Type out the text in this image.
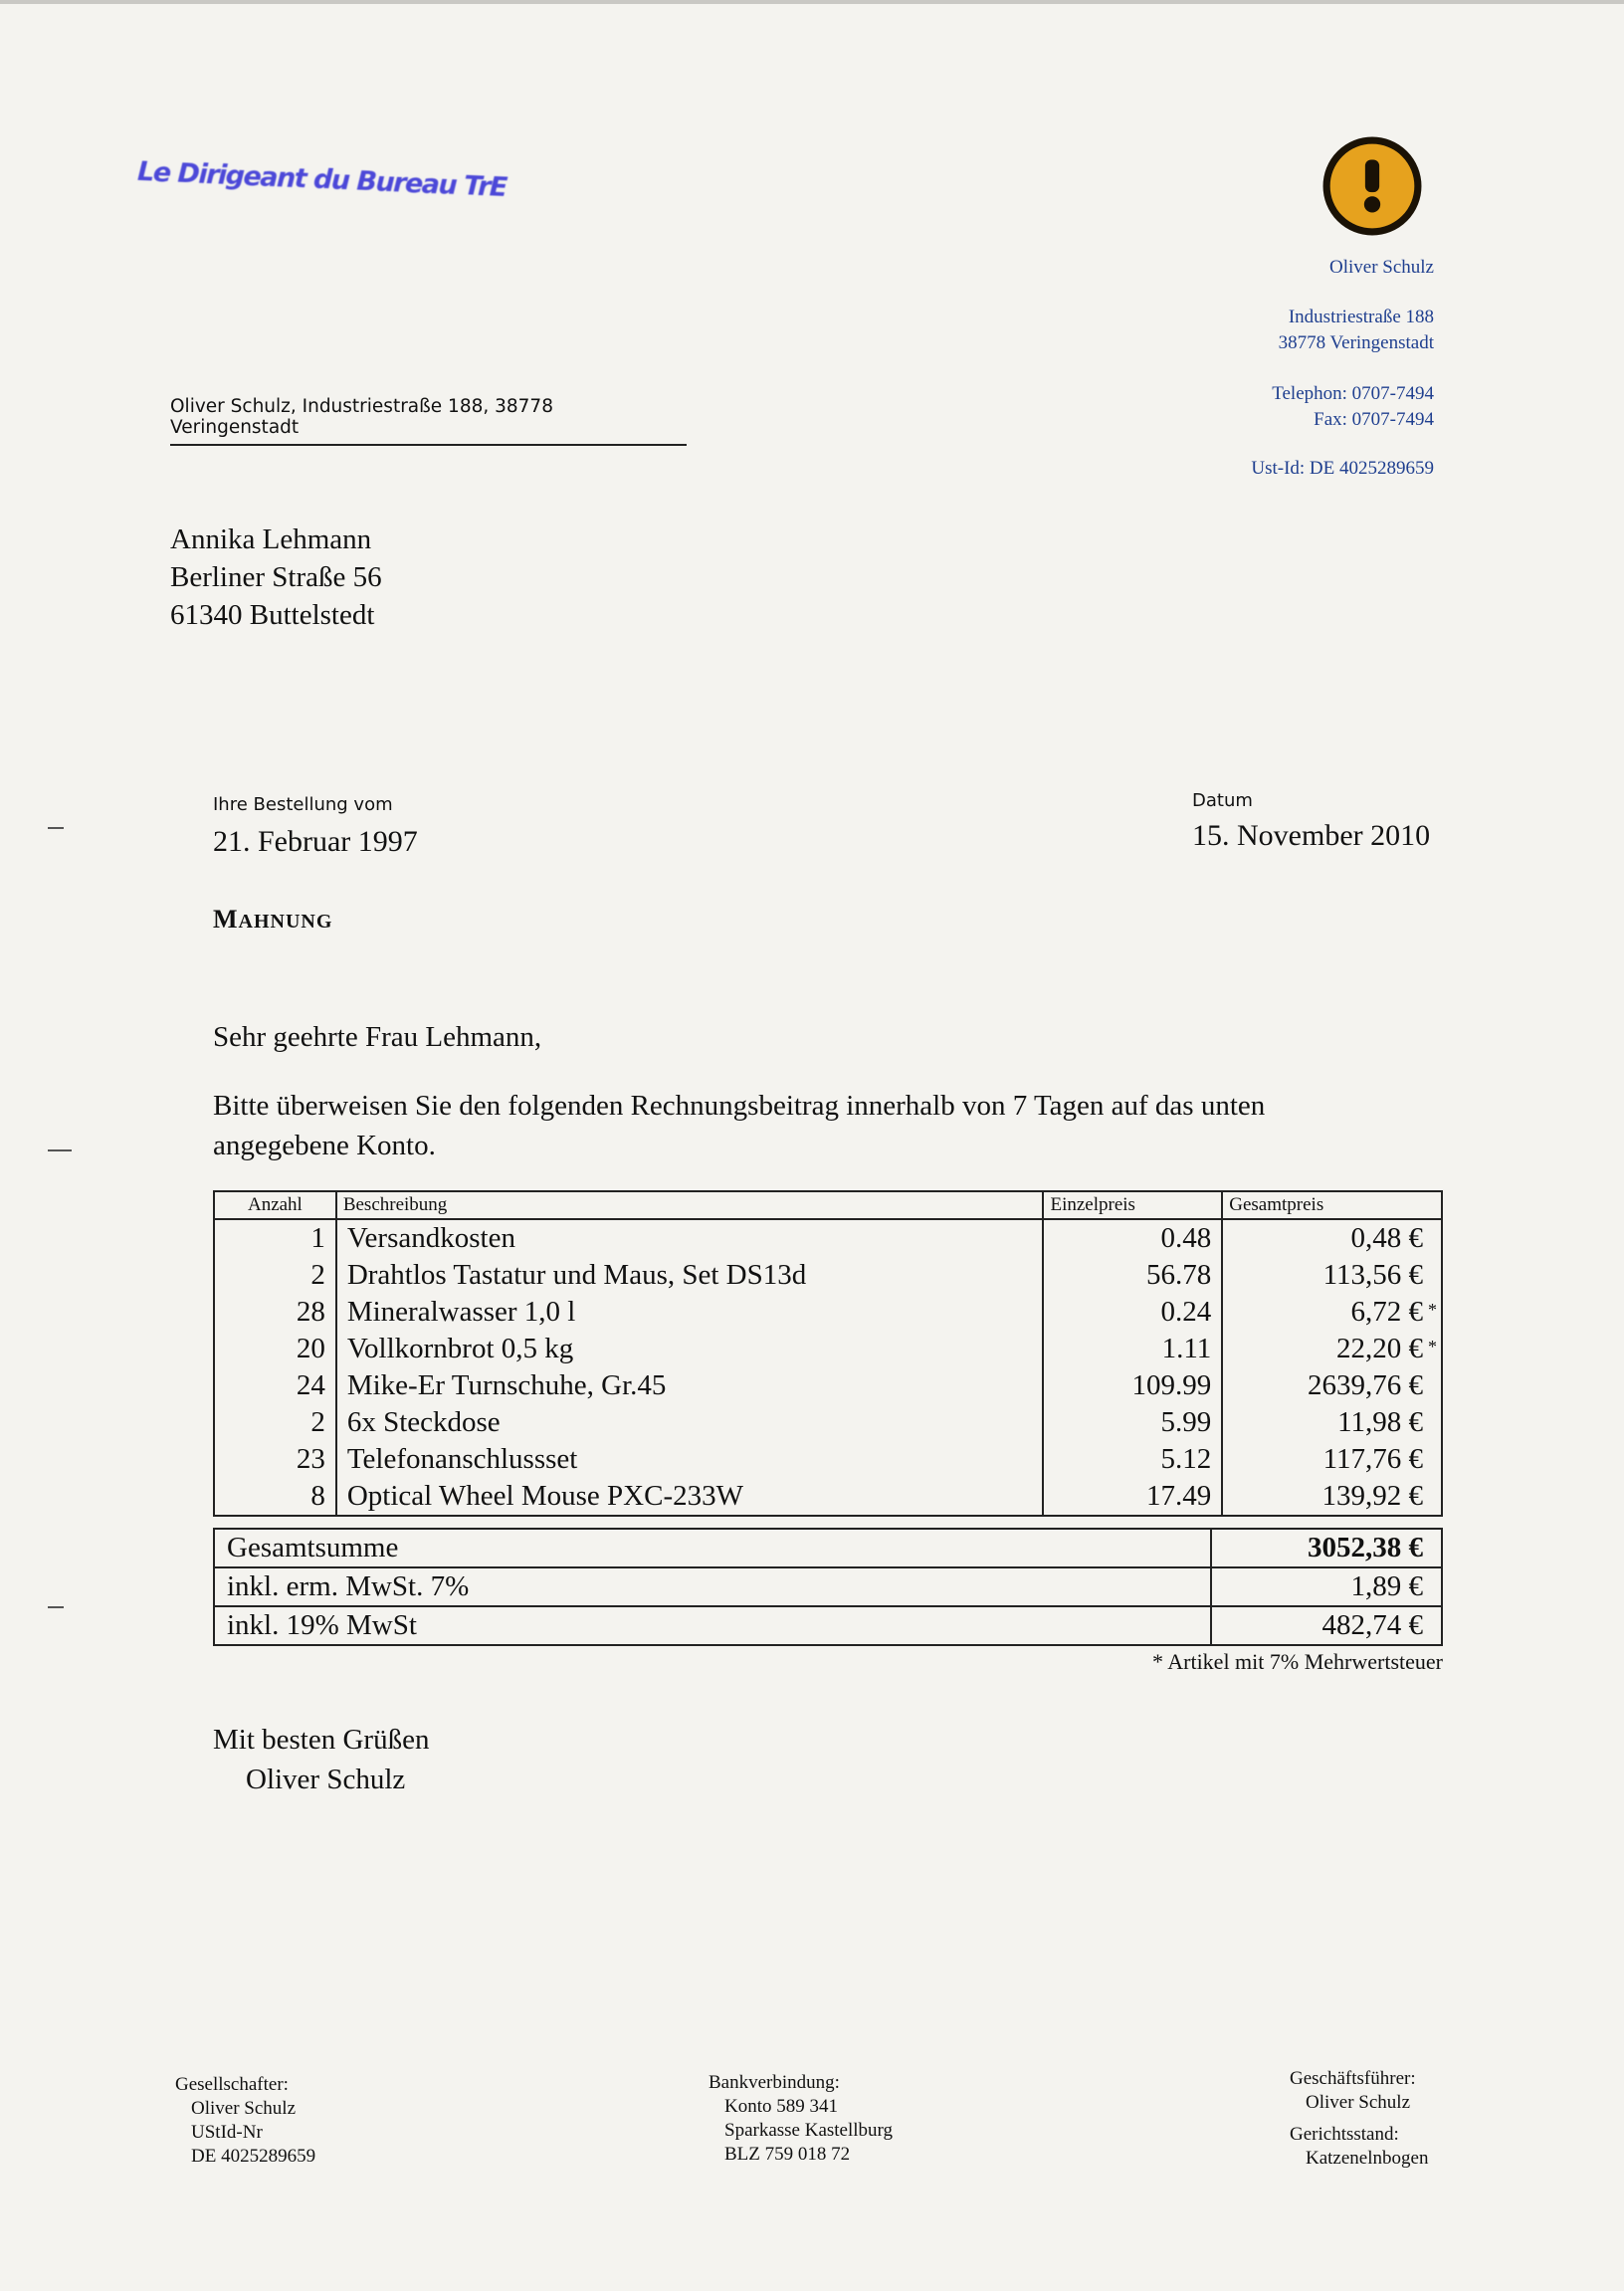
Le Dirigeant du Bureau TrE
Oliver Schulz
Industriestraße 188
38778 Veringenstadt
Telephon: 0707-7494
Fax: 0707-7494
Ust-Id: DE 4025289659
Oliver Schulz, Industriestraße 188, 38778 Veringenstadt
Annika Lehmann
Berliner Straße 56
61340 Buttelstedt
Ihre Bestellung vom
21. Februar 1997
Datum
15. November 2010
MAHNUNG
Sehr geehrte Frau Lehmann,
Bitte überweisen Sie den folgenden Rechnungsbeitrag innerhalb von 7 Tagen auf das unten
angegebene Konto.
Anzahl	Beschreibung	Einzelpreis	Gesamtpreis
1	Versandkosten	0.48	0,48 €

2	Drahtlos Tastatur und Maus, Set DS13d	56.78	113,56 €

28	Mineralwasser 1,0 l	0.24	6,72 € *

20	Vollkornbrot 0,5 kg	1.11	22,20 € *

24	Mike-Er Turnschuhe, Gr.45	109.99	2639,76 €

2	6x Steckdose	5.99	11,98 €

23	Telefonanschlussset	5.12	117,76 €

8	Optical Wheel Mouse PXC-233W	17.49	139,92 €
Gesamtsumme	3052,38 €
inkl. erm. MwSt. 7%	1,89 €
inkl. 19% MwSt	482,74 €
* Artikel mit 7% Mehrwertsteuer
Mit besten Grüßen
Oliver Schulz
Gesellschafter:
Oliver Schulz
UStId-Nr
DE 4025289659
Bankverbindung:
Konto 589 341
Sparkasse Kastellburg
BLZ 759 018 72
Geschäftsführer:
Oliver Schulz
Gerichtsstand:
Katzenelnbogen
